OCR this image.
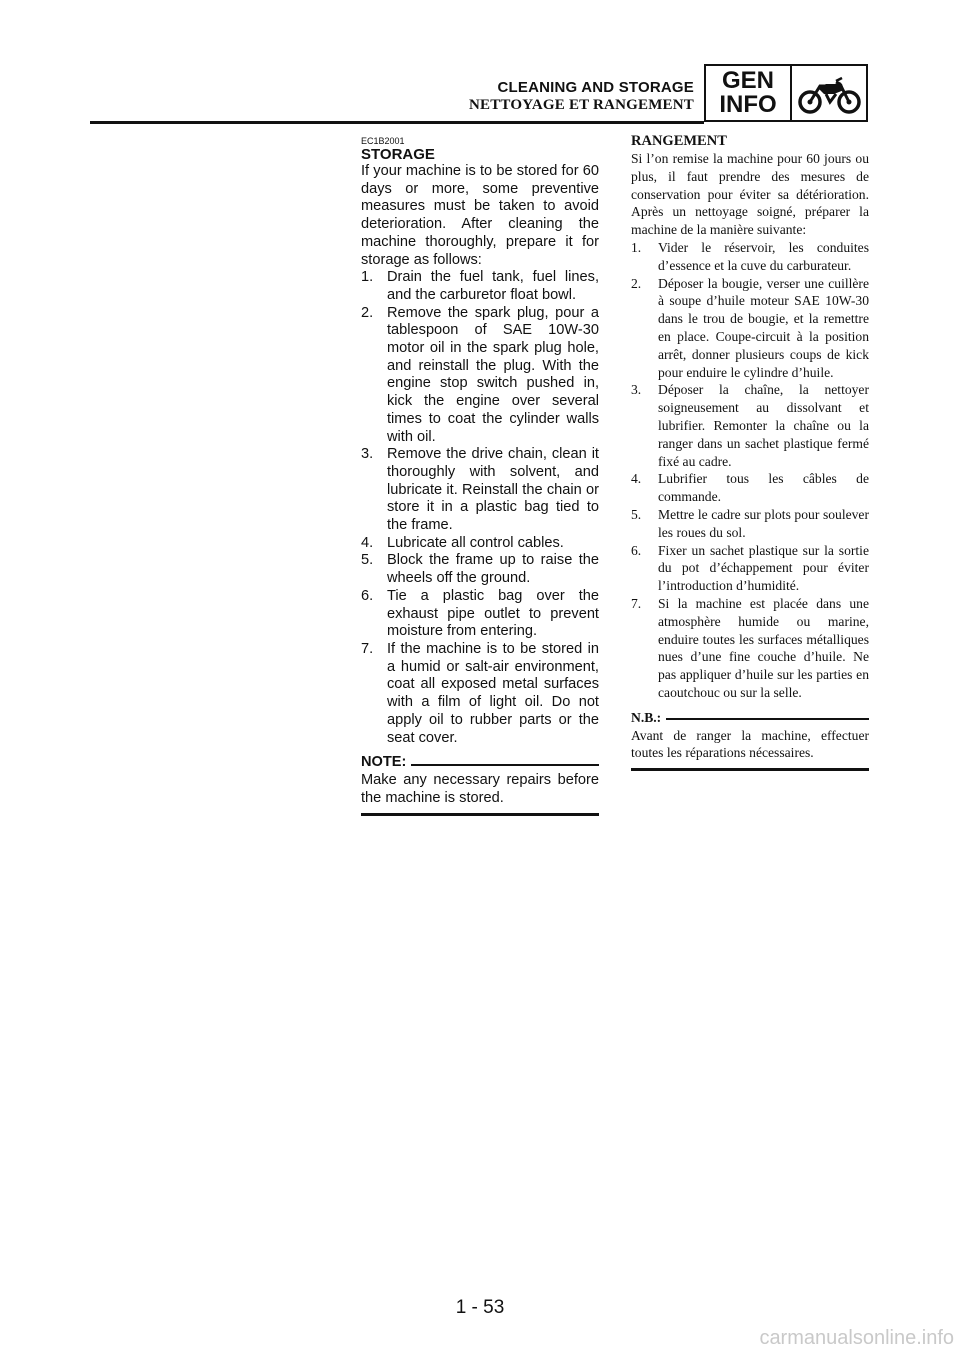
CLEANING AND STORAGE
NETTOYAGE ET RANGEMENT
GEN
INFO
EC1B2001
STORAGE

If your machine is to be stored for 60 days or more, some preventive measures must be taken to avoid deterioration. After cleaning the machine thoroughly, prepare it for storage as follows:

1. Drain the fuel tank, fuel lines, and the carburetor float bowl.
2. Remove the spark plug, pour a tablespoon of SAE 10W-30 motor oil in the spark plug hole, and reinstall the plug. With the engine stop switch pushed in, kick the engine over several times to coat the cylinder walls with oil.
3. Remove the drive chain, clean it thoroughly with solvent, and lubricate it. Reinstall the chain or store it in a plastic bag tied to the frame.
4. Lubricate all control cables.
5. Block the frame up to raise the wheels off the ground.
6. Tie a plastic bag over the exhaust pipe outlet to prevent moisture from entering.
7. If the machine is to be stored in a humid or salt-air environment, coat all exposed metal surfaces with a film of light oil. Do not apply oil to rubber parts or the seat cover.
NOTE:

Make any necessary repairs before the machine is stored.

RANGEMENT

Si l’on remise la machine pour 60 jours ou plus, il faut prendre des mesures de conservation pour éviter sa détérioration. Après un nettoyage soigné, préparer la machine de la manière suivante:

1. Vider le réservoir, les conduites d’essence et la cuve du carburateur.
2. Déposer la bougie, verser une cuillère à soupe d’huile moteur SAE 10W-30 dans le trou de bougie, et la remettre en place. Coupe-circuit à la position arrêt, donner plusieurs coups de kick pour enduire le cylindre d’huile.
3. Déposer la chaîne, la nettoyer soigneusement au dissolvant et lubrifier. Remonter la chaîne ou la ranger dans un sachet plastique fermé fixé au cadre.
4. Lubrifier tous les câbles de commande.
5. Mettre le cadre sur plots pour soulever les roues du sol.
6. Fixer un sachet plastique sur la sortie du pot d’échappement pour éviter l’introduction d’humidité.
7. Si la machine est placée dans une atmosphère humide ou marine, enduire toutes les surfaces métalliques nues d’une fine couche d’huile. Ne pas appliquer d’huile sur les parties en caoutchouc ou sur la selle.
N.B.:

Avant de ranger la machine, effectuer toutes les réparations nécessaires.

1 - 53
carmanualsonline.info
